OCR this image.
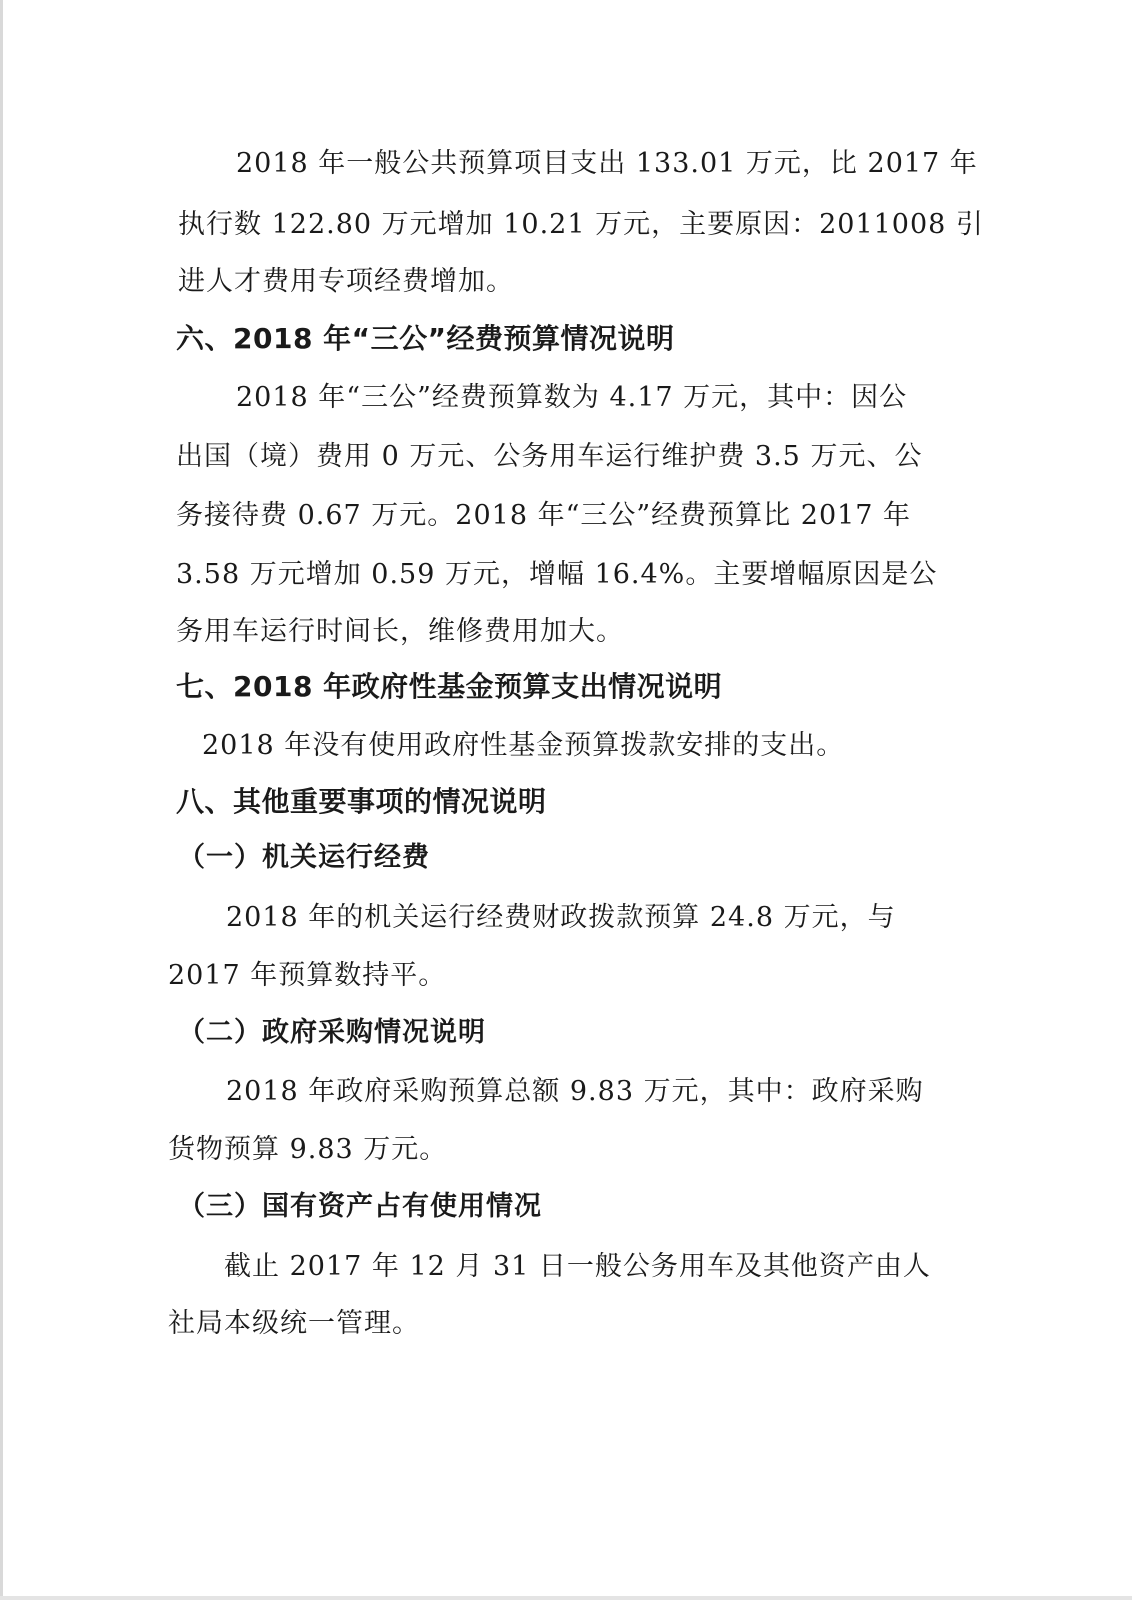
2018 年一般公共预算项目支出 133.01 万元，比 2017 年
执行数 122.80 万元增加 10.21 万元，主要原因：2011008 引
进人才费用专项经费增加。
六、2018 年“三公”经费预算情况说明
2018 年“三公”经费预算数为 4.17 万元，其中：因公
出国（境）费用 0 万元、公务用车运行维护费 3.5 万元、公
务接待费 0.67 万元。2018 年“三公”经费预算比 2017 年
3.58 万元增加 0.59 万元，增幅 16.4%。主要增幅原因是公
务用车运行时间长，维修费用加大。
七、2018 年政府性基金预算支出情况说明
2018 年没有使用政府性基金预算拨款安排的支出。
八、其他重要事项的情况说明
（一）机关运行经费
2018 年的机关运行经费财政拨款预算 24.8 万元，与
2017 年预算数持平。
（二）政府采购情况说明
2018 年政府采购预算总额 9.83 万元，其中：政府采购
货物预算 9.83 万元。
（三）国有资产占有使用情况
截止 2017 年 12 月 31 日一般公务用车及其他资产由人
社局本级统一管理。
